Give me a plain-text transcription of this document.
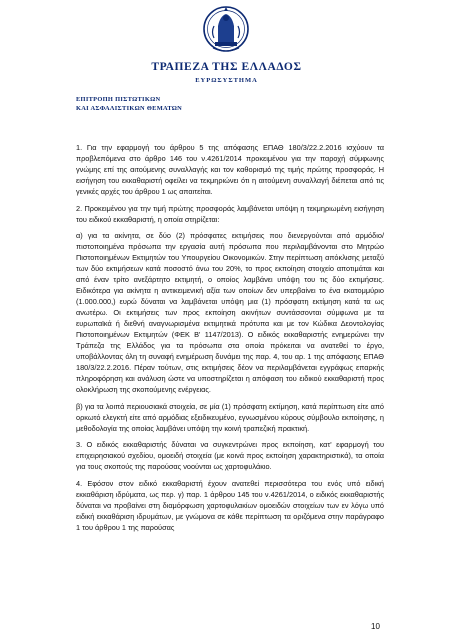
ΤΡΑΠΕΖΑ ΤΗΣ ΕΛΛΑΔΟΣ
ΕΥΡΩΣΥΣΤΗΜΑ
ΕΠΙΤΡΟΠΗ ΠΙΣΤΩΤΙΚΩΝ
ΚΑΙ ΑΣΦΑΛΙΣΤΙΚΩΝ ΘΕΜΑΤΩΝ

1. Για την εφαρμογή του άρθρου 5 της απόφασης ΕΠΑΘ 180/3/22.2.2016 ισχύουν τα προβλεπόμενα στο άρθρο 146 του ν.4261/2014 προκειμένου για την παροχή σύμφωνης γνώμης επί της αιτούμενης συναλλαγής και τον καθορισμό της τιμής πρώτης προσφοράς. Η εισήγηση του εκκαθαριστή οφείλει να τεκμηριώνει ότι η αιτούμενη συναλλαγή διέπεται από τις γενικές αρχές του άρθρου 1 ως απαιτείται.

2. Προκειμένου για την τιμή πρώτης προσφοράς λαμβάνεται υπόψη η τεκμηριωμένη εισήγηση του ειδικού εκκαθαριστή, η οποία στηρίζεται:

α) για τα ακίνητα, σε δύο (2) πρόσφατες εκτιμήσεις που διενεργούνται από αρμόδιο/πιστοποιημένα πρόσωπα την εργασία αυτή πρόσωπα που περιλαμβάνονται στο Μητρώο Πιστοποιημένων Εκτιμητών του Υπουργείου Οικονομικών. Στην περίπτωση απόκλισης μεταξύ των δύο εκτιμήσεων κατά ποσοστό άνω του 20%, το προς εκποίηση στοιχείο αποτιμάται και από έναν τρίτο ανεξάρτητο εκτιμητή, ο οποίος λαμβάνει υπόψη του τις δύο εκτιμήσεις. Ειδικότερα για ακίνητα η αντικειμενική αξία των οποίων δεν υπερβαίνει το ένα εκατομμύριο (1.000.000,) ευρώ δύναται να λαμβάνεται υπόψη μια (1) πρόσφατη εκτίμηση κατά τα ως ανωτέρω. Οι εκτιμήσεις των προς εκποίηση ακινήτων συντάσσονται σύμφωνα με τα ευρωπαϊκά ή διεθνή αναγνωρισμένα εκτιμητικά πρότυπα και με τον Κώδικα Δεοντολογίας Πιστοποιημένων Εκτιμητών (ΦΕΚ Β' 1147/2013). Ο ειδικός εκκαθαριστής ενημερώνει την Τράπεζα της Ελλάδος για τα πρόσωπα στα οποία πρόκειται να ανατεθεί το έργο, υποβάλλοντας όλη τη συναφή ενημέρωση δυνάμει της παρ. 4, του αρ. 1 της απόφασης ΕΠΑΘ 180/3/22.2.2016. Πέραν τούτων, στις εκτιμήσεις δέον να περιλαμβάνεται εγγράφως επαρκής πληροφόρηση και ανάλυση ώστε να υποστηρίζεται η απόφαση του ειδικού εκκαθαριστή προς ολοκλήρωση της σκοπούμενης ενέργειας.

β) για τα λοιπά περιουσιακά στοιχεία, σε μία (1) πρόσφατη εκτίμηση, κατά περίπτωση είτε από ορκωτό ελεγκτή είτε από αρμόδιας εξειδικευμένο, εγνωσμένου κύρους σύμβουλο εκποίησης, η μεθοδολογία της οποίας λαμβάνει υπόψη την κοινή τραπεζική πρακτική.

3. Ο ειδικός εκκαθαριστής δύναται να συγκεντρώνει προς εκποίηση, κατ' εφαρμογή του επιχειρησιακού σχεδίου, ομοειδή στοιχεία (με κοινά προς εκποίηση χαρακτηριστικά), τα οποία για τους σκοπούς της παρούσας νοούνται ως χαρτοφυλάκιο.

4. Εφόσον στον ειδικό εκκαθαριστή έχουν ανατεθεί περισσότερα του ενός υπό ειδική εκκαθάριση ιδρύματα, ως περ. γ) παρ. 1 άρθρου 145 του ν.4261/2014, ο ειδικός εκκαθαριστής δύναται να προβαίνει στη διαμόρφωση χαρτοφυλακίων ομοειδών στοιχείων των εν λόγω υπό ειδική εκκαθάριση ιδρυμάτων, με γνώμονα σε κάθε περίπτωση τα οριζόμενα στην παράγραφο 1 του άρθρου 1 της παρούσας

10
